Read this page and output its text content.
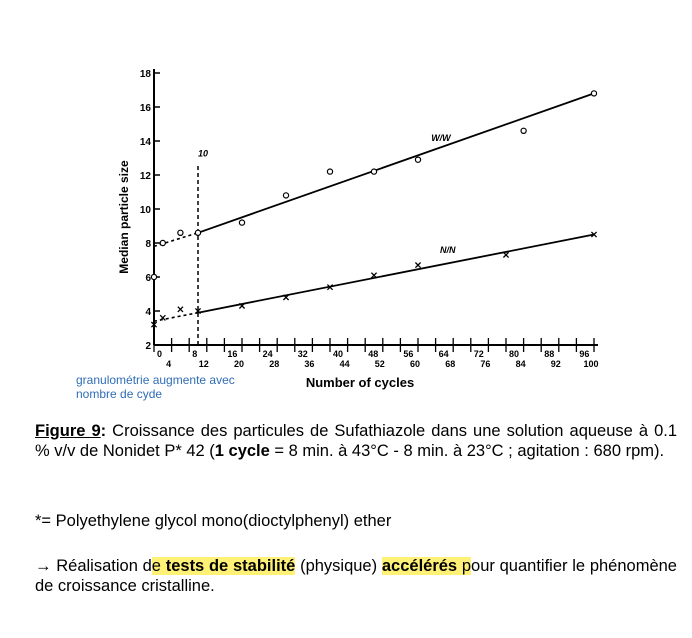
2
4
6
8
10
12
14
16
18
0	8	16	24	32	40	48	56	64	72	80	88	96
4	12	20	28	36	44	52	60	68	76	84	92	100
Median particle size
Number of cycles
W/W
N/N
10
granulométrie augmente avec nombre de cyde
Figure 9: Croissance des particules de Sufathiazole dans une solution aqueuse à 0.1 % v/v de Nonidet P* 42 (1 cycle = 8 min. à 43°C - 8 min. à 23°C ; agitation : 680 rpm).
*= Polyethylene glycol mono(dioctylphenyl) ether
→ Réalisation de tests de stabilité (physique) accélérés pour quantifier le phénomène de croissance cristalline.
